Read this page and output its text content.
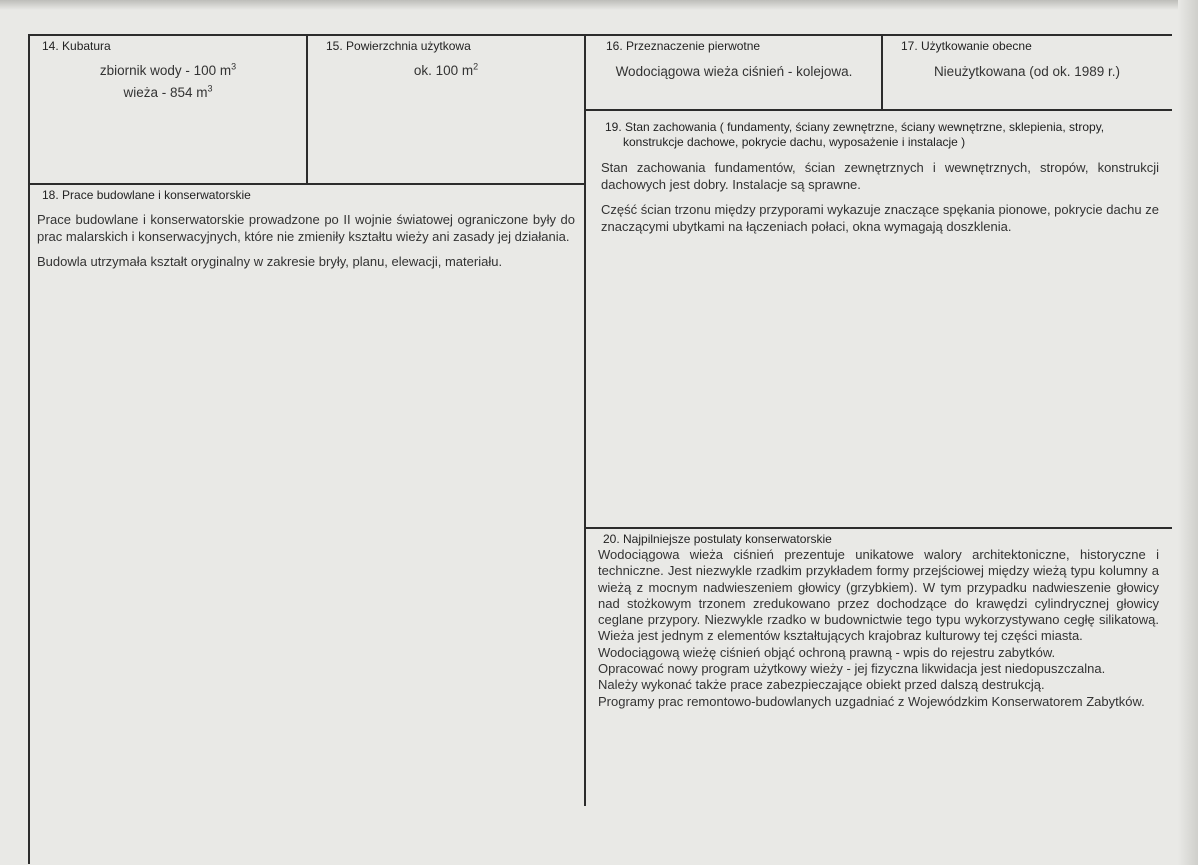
14. Kubatura
zbiornik wody - 100 $m^3$
wieża - 854 $m^3$
15. Powierzchnia użytkowa
ok. 100 $m^2$
16. Przeznaczenie pierwotne
Wodociągowa wieża ciśnień - kolejowa.
17. Użytkowanie obecne
Nieużytkowana (od ok. 1989 r.)
18. Prace budowlane i konserwatorskie

Prace budowlane i konserwatorskie prowadzone po II wojnie światowej ograniczone były do prac malarskich i konserwacyjnych, które nie zmieniły kształtu wieży ani zasady jej działania.

Budowla utrzymała kształt oryginalny w zakresie bryły, planu, elewacji, materiału.

19. Stan zachowania ( fundamenty, ściany zewnętrzne, ściany wewnętrzne, sklepienia, stropy, konstrukcje dachowe, pokrycie dachu, wyposażenie i instalacje )

Stan zachowania fundamentów, ścian zewnętrznych i wewnętrznych, stropów, konstrukcji dachowych jest dobry. Instalacje są sprawne.

Część ścian trzonu między przyporami wykazuje znaczące spękania pionowe, pokrycie dachu ze znaczącymi ubytkami na łączeniach połaci, okna wymagają doszklenia.

20. Najpilniejsze postulaty konserwatorskie
Wodociągowa wieża ciśnień prezentuje unikatowe walory architektoniczne, historyczne i techniczne. Jest niezwykle rzadkim przykładem formy przejściowej między wieżą typu kolumny a wieżą z mocnym nadwieszeniem głowicy (grzybkiem). W tym przypadku nadwieszenie głowicy nad stożkowym trzonem zredukowano przez dochodzące do krawędzi cylindrycznej głowicy ceglane przypory. Niezwykle rzadko w budownictwie tego typu wykorzystywano cegłę silikatową. Wieża jest jednym z elementów kształtujących krajobraz kulturowy tej części miasta.
Wodociągową wieżę ciśnień objąć ochroną prawną - wpis do rejestru zabytków.
Opracować nowy program użytkowy wieży - jej fizyczna likwidacja jest niedopuszczalna.
Należy wykonać także prace zabezpieczające obiekt przed dalszą destrukcją.
Programy prac remontowo-budowlanych uzgadniać z Wojewódzkim Konserwatorem Zabytków.
